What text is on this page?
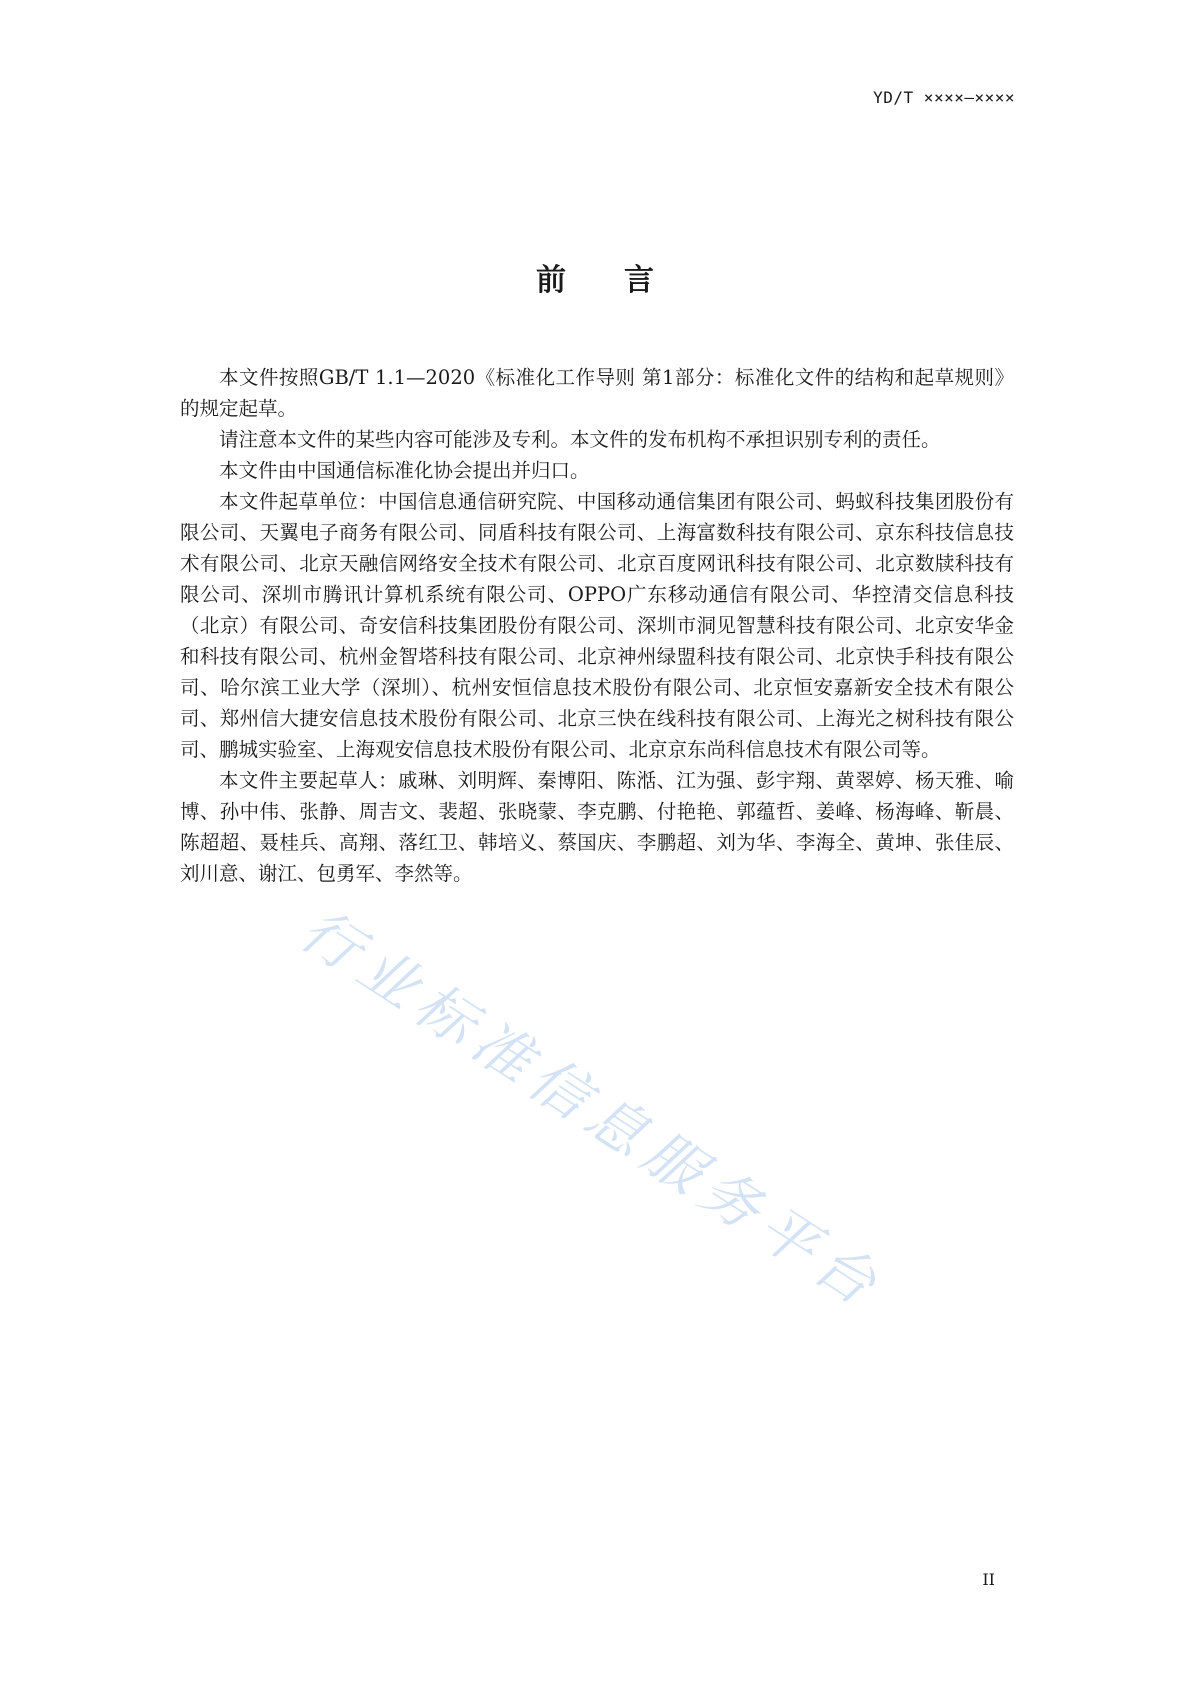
YD/T ××××—××××
前言

本文件按照GB/T 1.1—2020《标准化工作导则 第1部分：标准化文件的结构和起草规则》的规定起草。

请注意本文件的某些内容可能涉及专利。本文件的发布机构不承担识别专利的责任。

本文件由中国通信标准化协会提出并归口。

本文件起草单位：中国信息通信研究院、中国移动通信集团有限公司、蚂蚁科技集团股份有限公司、天翼电子商务有限公司、同盾科技有限公司、上海富数科技有限公司、京东科技信息技术有限公司、北京天融信网络安全技术有限公司、北京百度网讯科技有限公司、北京数牍科技有限公司、深圳市腾讯计算机系统有限公司、OPPO广东移动通信有限公司、华控清交信息科技（北京）有限公司、奇安信科技集团股份有限公司、深圳市洞见智慧科技有限公司、北京安华金和科技有限公司、杭州金智塔科技有限公司、北京神州绿盟科技有限公司、北京快手科技有限公司、哈尔滨工业大学（深圳）、杭州安恒信息技术股份有限公司、北京恒安嘉新安全技术有限公司、郑州信大捷安信息技术股份有限公司、北京三快在线科技有限公司、上海光之树科技有限公司、鹏城实验室、上海观安信息技术股份有限公司、北京京东尚科信息技术有限公司等。

本文件主要起草人：戚琳、刘明辉、秦博阳、陈湉、江为强、彭宇翔、黄翠婷、杨天雅、喻博、孙中伟、张静、周吉文、裴超、张晓蒙、李克鹏、付艳艳、郭蕴哲、姜峰、杨海峰、靳晨、陈超超、聂桂兵、高翔、落红卫、韩培义、蔡国庆、李鹏超、刘为华、李海全、黄坤、张佳辰、刘川意、谢江、包勇军、李然等。

行业标准信息服务平台
II
